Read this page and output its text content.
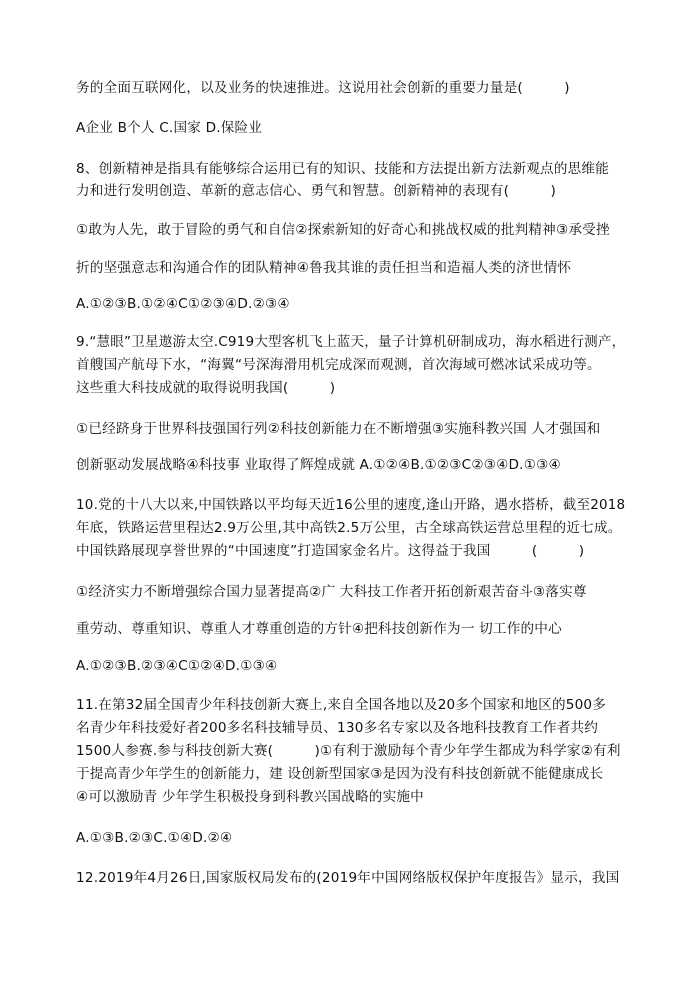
务的全面互联网化，以及业务的快速推进。这说用社会创新的重要力量是(　　　)
A企业 B个人 C.国家 D.保险业
8、创新精神是指具有能够综合运用已有的知识、技能和方法提出新方法新观点的思维能
力和进行发明创造、革新的意志信心、勇气和智慧。创新精神的表现有(　　　)
①敢为人先，敢于冒险的勇气和自信②探索新知的好奇心和挑战权威的批判精神③承受挫
折的坚强意志和沟通合作的团队精神④鲁我其谁的责任担当和造福人类的济世情怀
A.①②③B.①②④C①②③④D.②③④
9.“慧眼”卫星遨游太空.C919大型客机飞上蓝天，量子计算机研制成功，海水稻进行测产，
首艘国产航母下水，“海翼“号深海滑用机完成深而观测，首次海域可燃冰试采成功等。
这些重大科技成就的取得说明我国(　　　)
①已经跻身于世界科技强国行列②科技创新能力在不断增强③实施科教兴国 人才强国和
创新驱动发展战略④科技事 业取得了辉煌成就 A.①②④B.①②③C②③④D.①③④
10.党的十八大以来,中国铁路以平均每天近16公里的速度,逢山开路，遇水搭桥，截至2018
年底，铁路运营里程达2.9万公里,其中高铁2.5万公里，古全球高铁运营总里程的近七成。
中国铁路展现享誉世界的“中国速度”打造国家金名片。这得益于我国　　　(　　　)
①经济实力不断增强综合国力显著提高②广 大科技工作者开拓创新艰苦奋斗③落实尊
重劳动、尊重知识、尊重人才尊重创造的方针④把科技创新作为一 切工作的中心
A.①②③B.②③④C①②④D.①③④
11.在第32届全国青少年科技创新大赛上,来自全国各地以及20多个国家和地区的500多
名青少年科技爱好者200多名科技辅导员、130多名专家以及各地科技教育工作者共约
1500人参赛.参与科技创新大赛(　　　)①有利于激励每个青少年学生都成为科学家②有利
于提高青少年学生的创新能力，建 设创新型国家③是因为没有科技创新就不能健康成长
④可以激励青 少年学生积极投身到科教兴国战略的实施中
A.①③B.②③C.①④D.②④
12.2019年4月26日,国家版权局发布的(2019年中国网络版权保护年度报告》显示，我国
